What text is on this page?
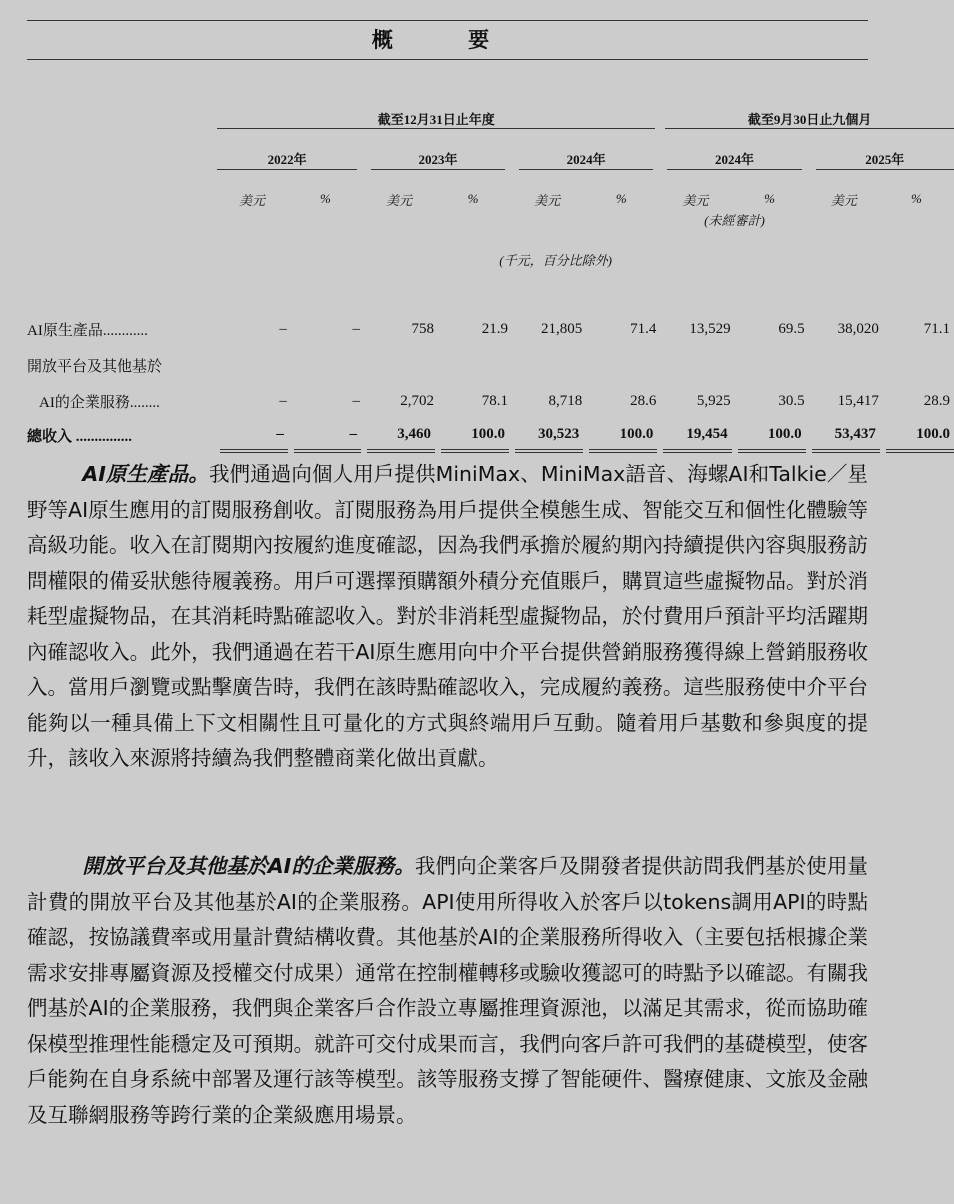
概 要
	截至12月31日止年度						截至9月30日止九個月			

	2022年		2023年		2024年		2024年		2025年	

	美元	%	美元	%	美元	%	美元	%	美元	%
							(未經審計)			

	(千元，百分比除外)									

AI原生產品............	–	–	758	21.9	21,805	71.4	13,529	69.5	38,020	71.1
開放平台及其他基於										
AI的企業服務........	–	–	2,702	78.1	8,718	28.6	5,925	30.5	15,417	28.9
總收入 ...............	–	–	3,460	100.0	30,523	100.0	19,454	100.0	53,437	100.0

AI原生產品。我們通過向個人用戶提供MiniMax、MiniMax語音、海螺AI和Talkie／星野等AI原生應用的訂閱服務創收。訂閱服務為用戶提供全模態生成、智能交互和個性化體驗等高級功能。收入在訂閱期內按履約進度確認，因為我們承擔於履約期內持續提供內容與服務訪問權限的備妥狀態待履義務。用戶可選擇預購額外積分充值賬戶，購買這些虛擬物品。對於消耗型虛擬物品，在其消耗時點確認收入。對於非消耗型虛擬物品，於付費用戶預計平均活躍期內確認收入。此外，我們通過在若干AI原生應用向中介平台提供營銷服務獲得線上營銷服務收入。當用戶瀏覽或點擊廣告時，我們在該時點確認收入，完成履約義務。這些服務使中介平台能夠以一種具備上下文相關性且可量化的方式與終端用戶互動。隨着用戶基數和參與度的提升，該收入來源將持續為我們整體商業化做出貢獻。

開放平台及其他基於AI的企業服務。我們向企業客戶及開發者提供訪問我們基於使用量計費的開放平台及其他基於AI的企業服務。API使用所得收入於客戶以tokens調用API的時點確認，按協議費率或用量計費結構收費。其他基於AI的企業服務所得收入（主要包括根據企業需求安排專屬資源及授權交付成果）通常在控制權轉移或驗收獲認可的時點予以確認。有關我們基於AI的企業服務，我們與企業客戶合作設立專屬推理資源池，以滿足其需求，從而協助確保模型推理性能穩定及可預期。就許可交付成果而言，我們向客戶許可我們的基礎模型，使客戶能夠在自身系統中部署及運行該等模型。該等服務支撐了智能硬件、醫療健康、文旅及金融及互聯網服務等跨行業的企業級應用場景。
